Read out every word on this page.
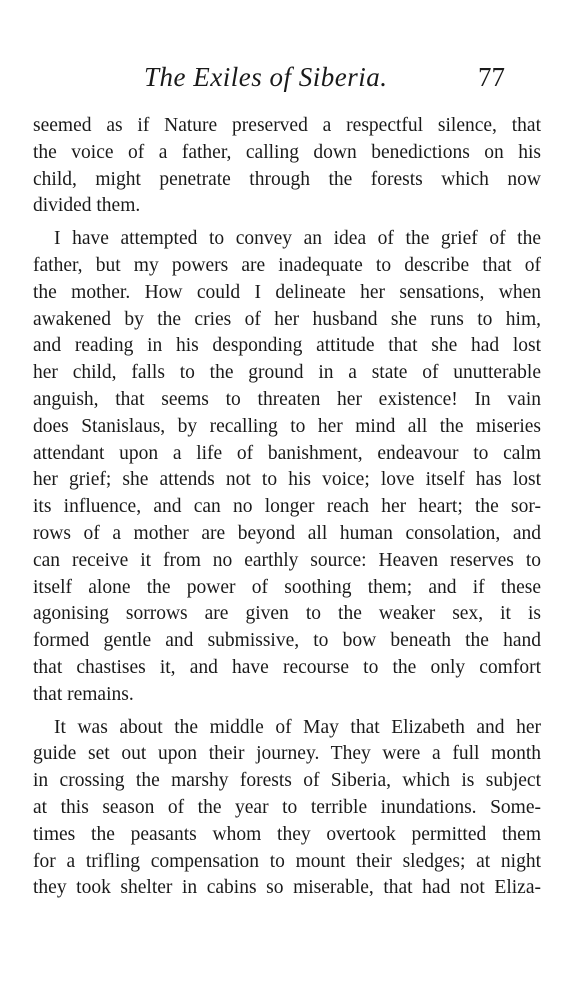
The Exiles of Siberia.	77
seemed as if Nature preserved a respectful silence, that
the voice of a father, calling down benedictions on his
child, might penetrate through the forests which now
divided them.
I have attempted to convey an idea of the grief of the
father, but my powers are inadequate to describe that of
the mother. How could I delineate her sensations, when
awakened by the cries of her husband she runs to him,
and reading in his desponding attitude that she had lost
her child, falls to the ground in a state of unutterable
anguish, that seems to threaten her existence! In vain
does Stanislaus, by recalling to her mind all the miseries
attendant upon a life of banishment, endeavour to calm
her grief; she attends not to his voice; love itself has lost
its influence, and can no longer reach her heart; the sor-
rows of a mother are beyond all human consolation, and
can receive it from no earthly source: Heaven reserves to
itself alone the power of soothing them; and if these
agonising sorrows are given to the weaker sex, it is
formed gentle and submissive, to bow beneath the hand
that chastises it, and have recourse to the only comfort
that remains.
It was about the middle of May that Elizabeth and her
guide set out upon their journey. They were a full month
in crossing the marshy forests of Siberia, which is subject
at this season of the year to terrible inundations. Some-
times the peasants whom they overtook permitted them
for a trifling compensation to mount their sledges; at night
they took shelter in cabins so miserable, that had not Eliza-
